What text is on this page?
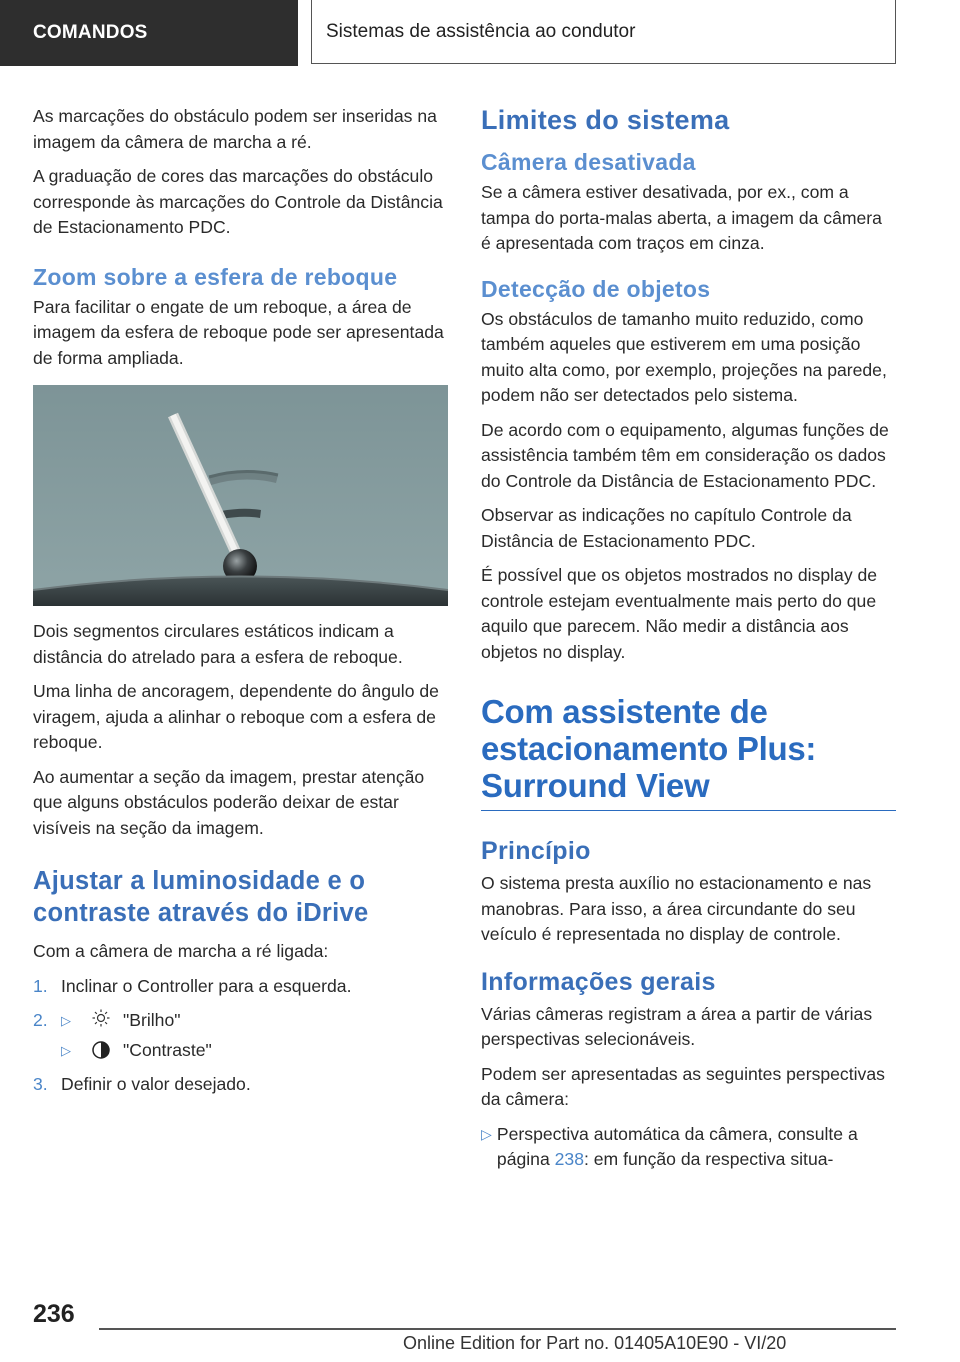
COMANDOS	Sistemas de assistência ao condutor

As marcações do obstáculo podem ser inseridas na imagem da câmera de marcha a ré.

A graduação de cores das marcações do obstáculo corresponde às marcações do Controle da Distância de Estacionamento PDC.

Zoom sobre a esfera de reboque

Para facilitar o engate de um reboque, a área de imagem da esfera de reboque pode ser apresentada de forma ampliada.

Dois segmentos circulares estáticos indicam a distância do atrelado para a esfera de reboque.

Uma linha de ancoragem, dependente do ângulo de viragem, ajuda a alinhar o reboque com a esfera de reboque.

Ao aumentar a seção da imagem, prestar atenção que alguns obstáculos poderão deixar de estar visíveis na seção da imagem.

Ajustar a luminosidade e o contraste através do iDrive

Com a câmera de marcha a ré ligada:

1. Inclinar o Controller para a esquerda.
2.	▷	"Brilho"
▷	"Contraste"
3. Definir o valor desejado.
Limites do sistema
Câmera desativada

Se a câmera estiver desativada, por ex., com a tampa do porta-malas aberta, a imagem da câmera é apresentada com traços em cinza.

Detecção de objetos

Os obstáculos de tamanho muito reduzido, como também aqueles que estiverem em uma posição muito alta como, por exemplo, projeções na parede, podem não ser detectados pelo sistema.

De acordo com o equipamento, algumas funções de assistência também têm em consideração os dados do Controle da Distância de Estacionamento PDC.

Observar as indicações no capítulo Controle da Distância de Estacionamento PDC.

É possível que os objetos mostrados no display de controle estejam eventualmente mais perto do que aquilo que parecem. Não medir a distância aos objetos no display.

Com assistente de estacionamento Plus: Surround View
Princípio

O sistema presta auxílio no estacionamento e nas manobras. Para isso, a área circundante do seu veículo é representada no display de controle.

Informações gerais

Várias câmeras registram a área a partir de várias perspectivas selecionáveis.

Podem ser apresentadas as seguintes perspectivas da câmera:

▷ Perspectiva automática da câmera, consulte a página 238: em função da respectiva situa-
236
Online Edition for Part no. 01405A10E90 - VI/20
